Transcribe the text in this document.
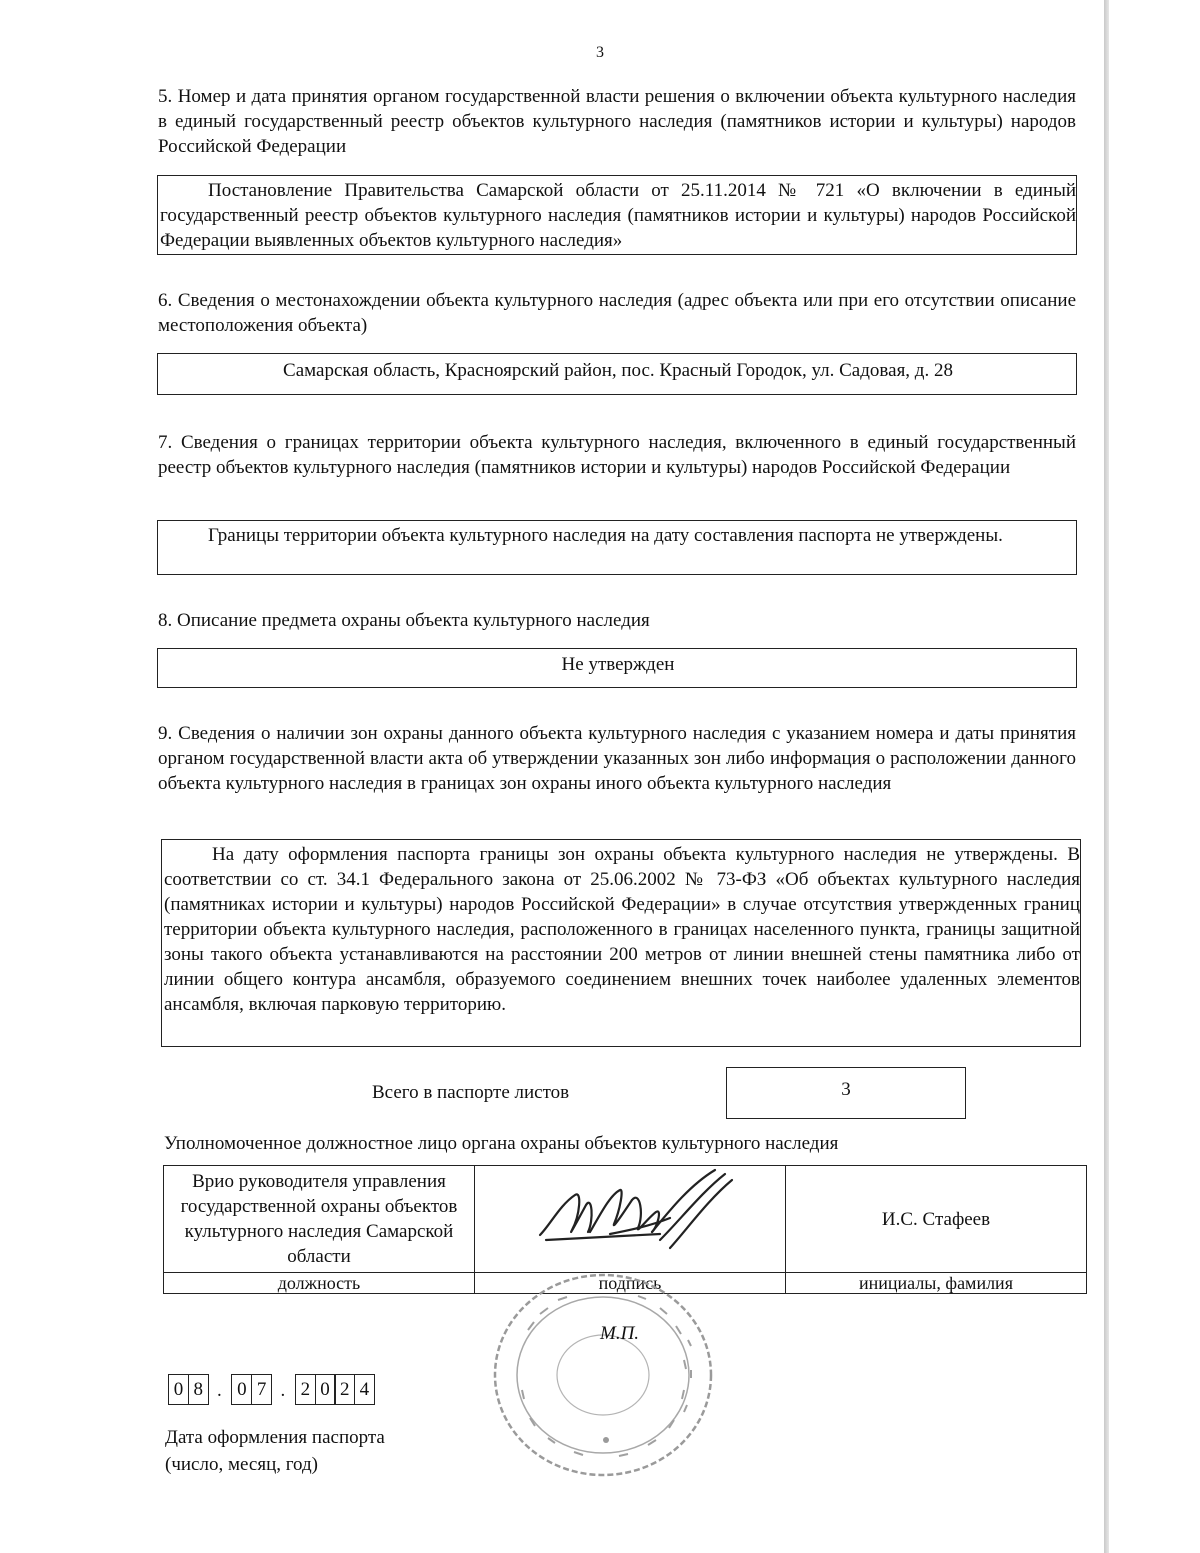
3

5. Номер и дата принятия органом государственной власти решения о включении объекта культурного наследия в единый государственный реестр объектов культурного наследия (памятников истории и культуры) народов Российской Федерации

Постановление Правительства Самарской области от 25.11.2014 № 721 «О включении в единый государственный реестр объектов культурного наследия (памятников истории и культуры) народов Российской Федерации выявленных объектов культурного наследия»

6. Сведения о местонахождении объекта культурного наследия (адрес объекта или при его отсутствии описание местоположения объекта)

Самарская область, Красноярский район, пос. Красный Городок, ул. Садовая, д. 28

7. Сведения о границах территории объекта культурного наследия, включенного в единый государственный реестр объектов культурного наследия (памятников истории и культуры) народов Российской Федерации

Границы территории объекта культурного наследия на дату составления паспорта не утверждены.

8. Описание предмета охраны объекта культурного наследия

Не утвержден

9. Сведения о наличии зон охраны данного объекта культурного наследия с указанием номера и даты принятия органом государственной власти акта об утверждении указанных зон либо информация о расположении данного объекта культурного наследия в границах зон охраны иного объекта культурного наследия

На дату оформления паспорта границы зон охраны объекта культурного наследия не утверждены. В соответствии со ст. 34.1 Федерального закона от 25.06.2002 № 73-ФЗ «Об объектах культурного наследия (памятниках истории и культуры) народов Российской Федерации» в случае отсутствия утвержденных границ территории объекта культурного наследия, расположенного в границах населенного пункта, границы защитной зоны такого объекта устанавливаются на расстоянии 200 метров от линии внешней стены памятника либо от линии общего контура ансамбля, образуемого соединением внешних точек наиболее удаленных элементов ансамбля, включая парковую территорию.
Всего в паспорте листов	3
Уполномоченное должностное лицо органа охраны объектов культурного наследия
Врио руководителя управления государственной охраны объектов культурного наследия Самарской области		И.С. Стафеев
должность	подпись	инициалы, фамилия
М.П.
0 8 . 0 7 . 2 0 2 4
Дата оформления паспорта
(число, месяц, год)
